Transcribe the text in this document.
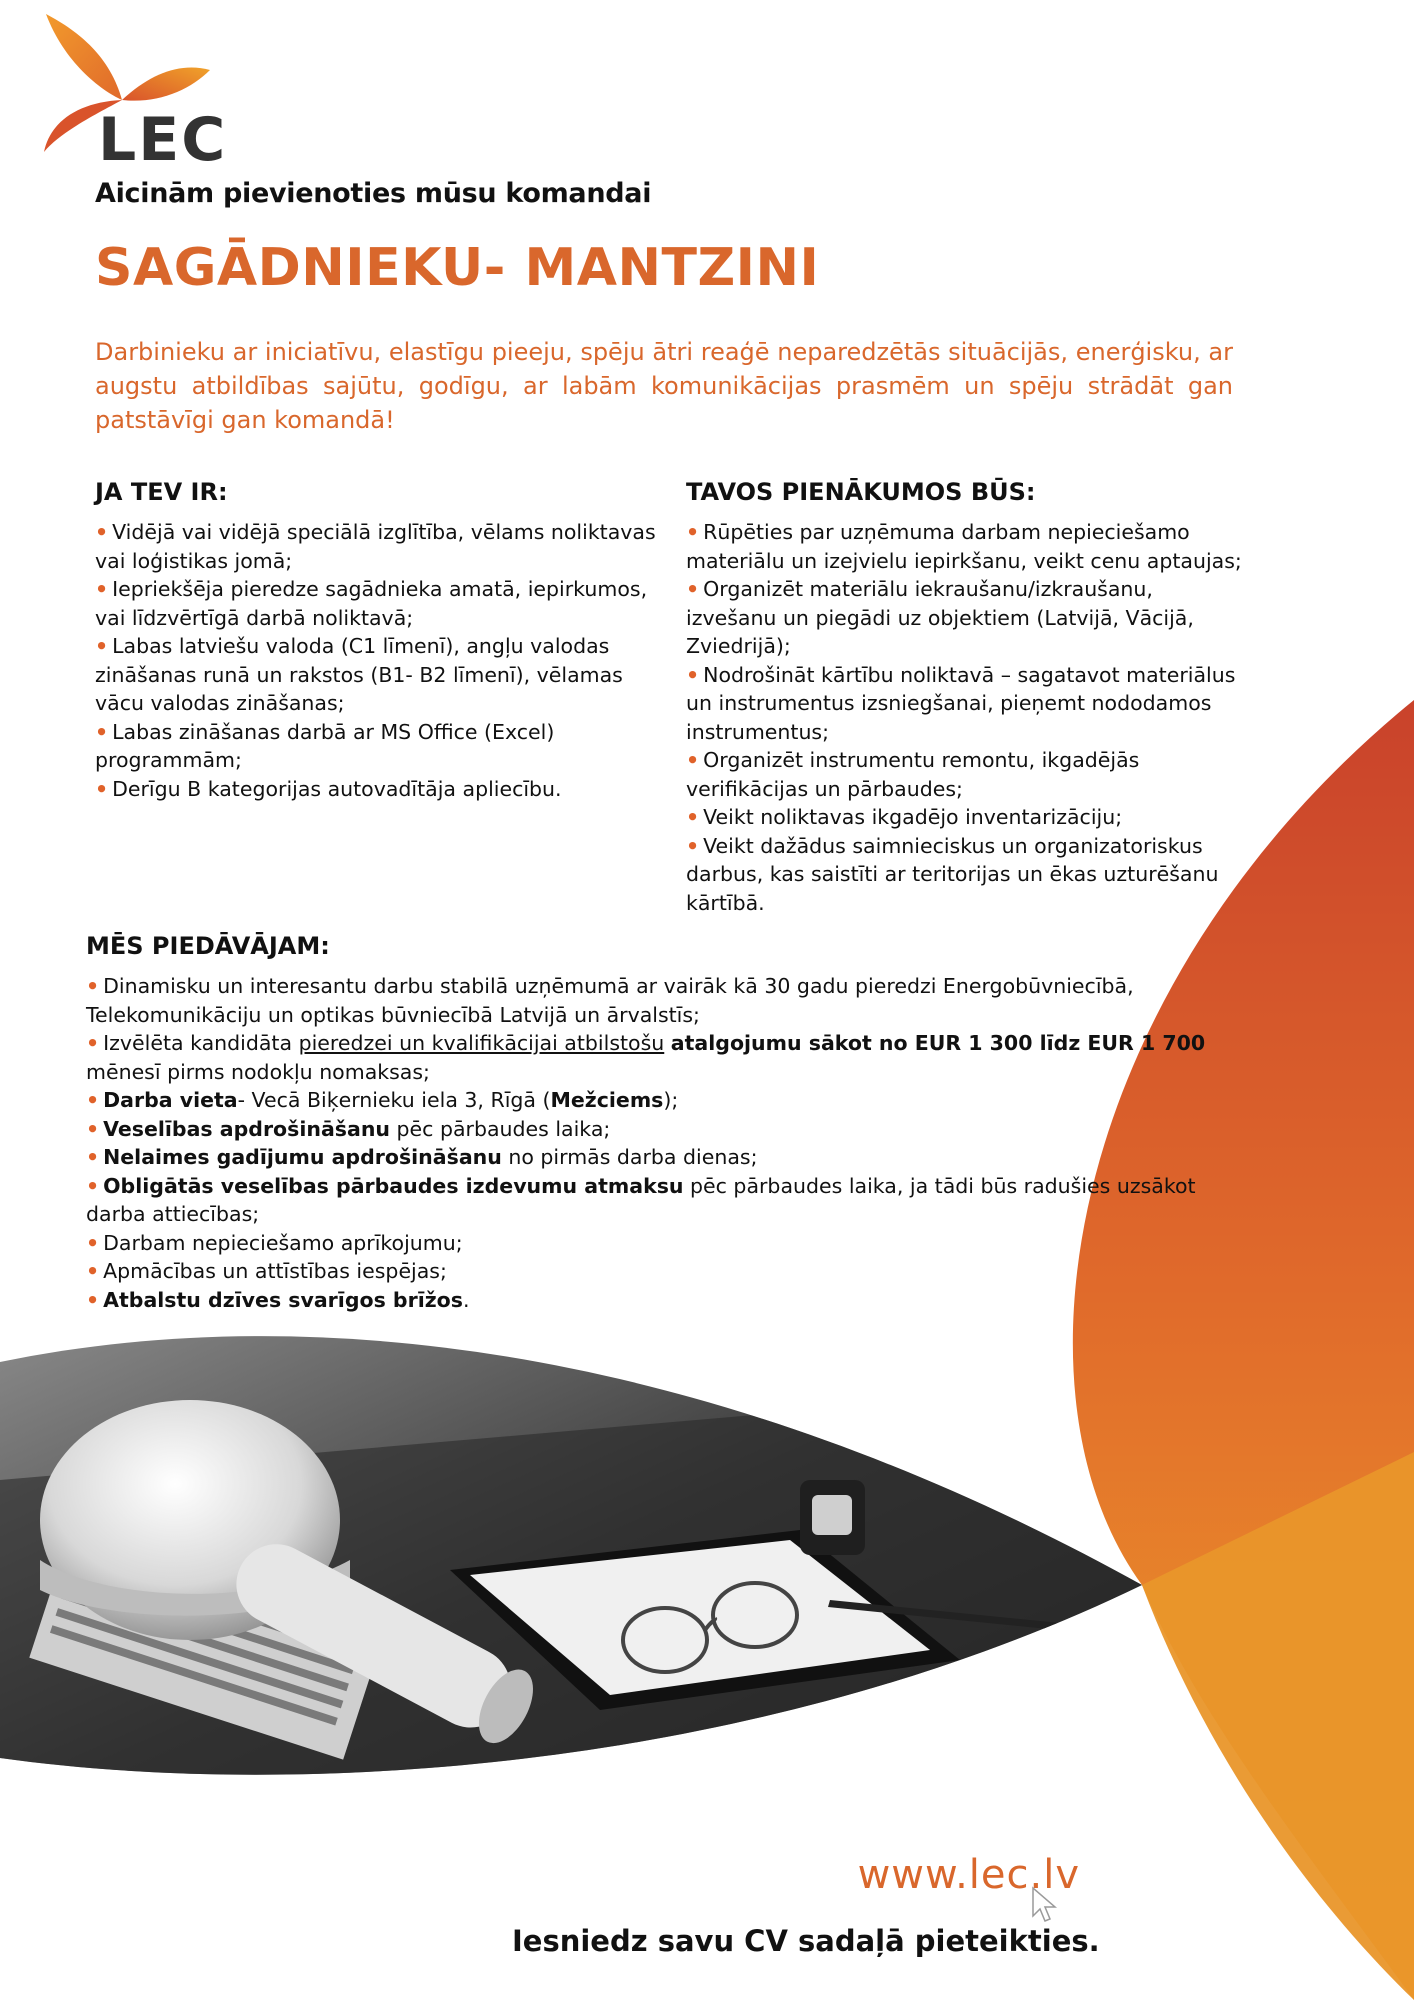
LEC
Aicinām pievienoties mūsu komandai
SAGĀDNIEKU- MANTZINI
Darbinieku ar iniciatīvu, elastīgu pieeju, spēju ātri reaģē neparedzētās situācijās, enerģisku, ar augstu atbildības sajūtu, godīgu, ar labām komunikācijas prasmēm un spēju strādāt gan patstāvīgi gan komandā!
JA TEV IR:
• Vidējā vai vidējā speciālā izglītība, vēlams noliktavas vai loģistikas jomā;
• Iepriekšēja pieredze sagādnieka amatā, iepirkumos, vai līdzvērtīgā darbā noliktavā;
• Labas latviešu valoda (C1 līmenī), angļu valodas zināšanas runā un rakstos (B1- B2 līmenī), vēlamas vācu valodas zināšanas;
• Labas zināšanas darbā ar MS Office (Excel) programmām;
• Derīgu B kategorijas autovadītāja apliecību.
TAVOS PIENĀKUMOS BŪS:
• Rūpēties par uzņēmuma darbam nepieciešamo materiālu un izejvielu iepirkšanu, veikt cenu aptaujas;
• Organizēt materiālu iekraušanu/izkraušanu, izvešanu un piegādi uz objektiem (Latvijā, Vācijā, Zviedrijā);
• Nodrošināt kārtību noliktavā – sagatavot materiālus un instrumentus izsniegšanai, pieņemt nododamos instrumentus;
• Organizēt instrumentu remontu, ikgadējās verifikācijas un pārbaudes;
• Veikt noliktavas ikgadējo inventarizāciju;
• Veikt dažādus saimnieciskus un organizatoriskus darbus, kas saistīti ar teritorijas un ēkas uzturēšanu kārtībā.
MĒS PIEDĀVĀJAM:
• Dinamisku un interesantu darbu stabilā uzņēmumā ar vairāk kā 30 gadu pieredzi Energobūvniecībā, Telekomunikāciju un optikas būvniecībā Latvijā un ārvalstīs;
• Izvēlēta kandidāta pieredzei un kvalifikācijai atbilstošu atalgojumu sākot no EUR 1 300 līdz EUR 1 700 mēnesī pirms nodokļu nomaksas;
• Darba vieta- Vecā Biķernieku iela 3, Rīgā (Mežciems);
• Veselības apdrošināšanu pēc pārbaudes laika;
• Nelaimes gadījumu apdrošināšanu no pirmās darba dienas;
• Obligātās veselības pārbaudes izdevumu atmaksu pēc pārbaudes laika, ja tādi būs radušies uzsākot darba attiecības;
• Darbam nepieciešamo aprīkojumu;
• Apmācības un attīstības iespējas;
• Atbalstu dzīves svarīgos brīžos.
www.lec.lv
Iesniedz savu CV sadaļā pieteikties.
